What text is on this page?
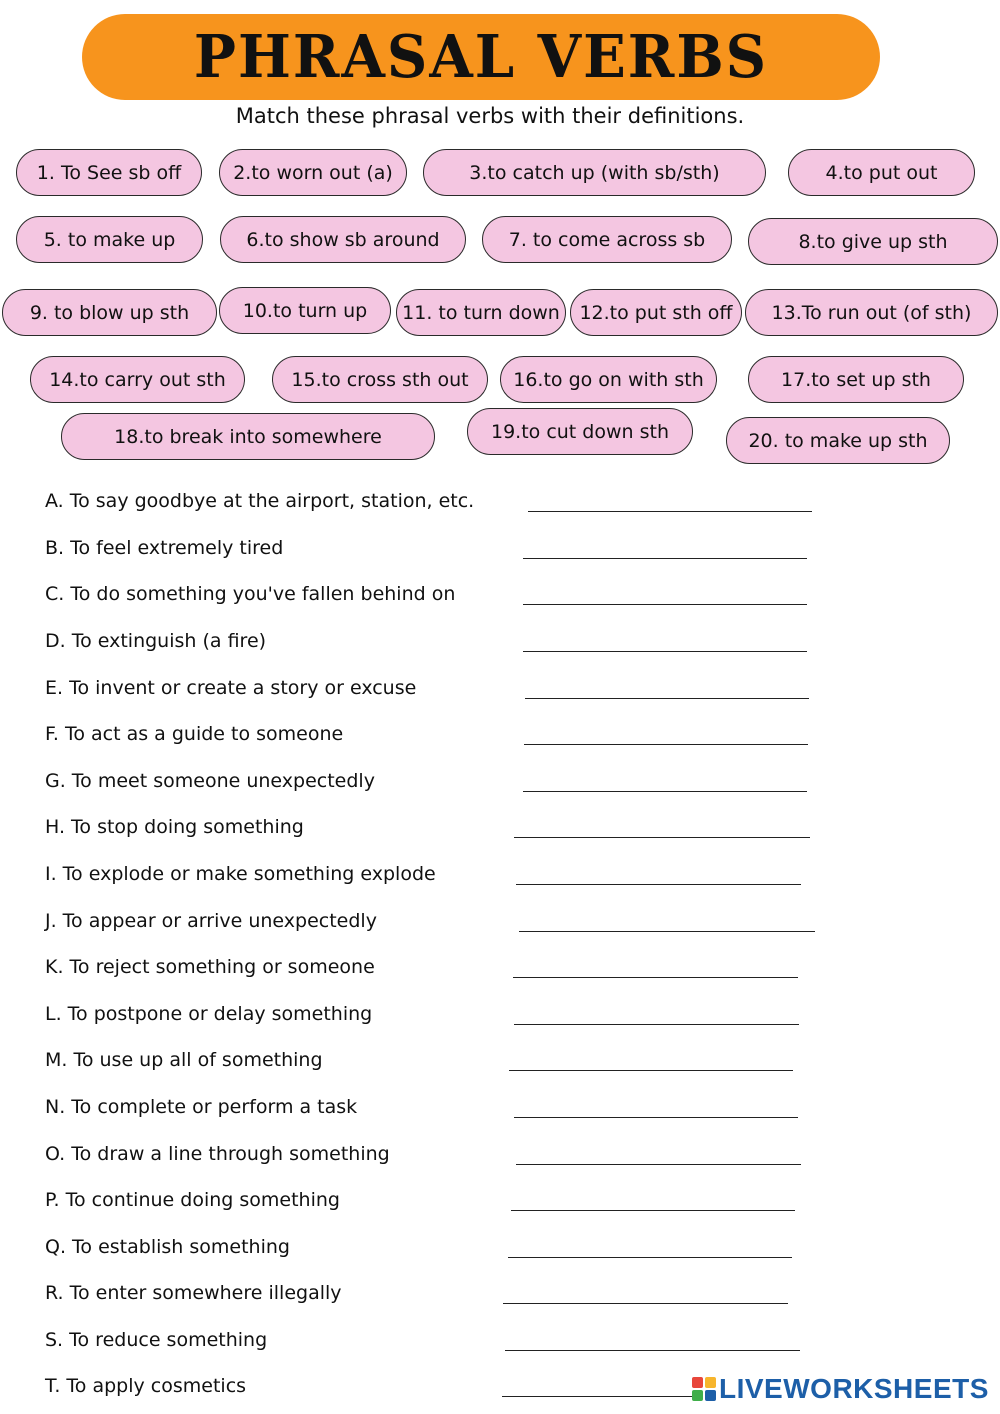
PHRASAL VERBS
Match these phrasal verbs with their definitions.
1. To See sb off	2.to worn out (a)	3.to catch up (with sb/sth)	4.to put out
5. to make up	6.to show sb around	7. to come across sb	8.to give up sth
9. to blow up sth	10.to turn up	11. to turn down	12.to put sth off	13.To run out (of sth)
14.to carry out sth	15.to cross sth out	16.to go on with sth	17.to set up sth
18.to break into somewhere	19.to cut down sth	20. to make up sth
A. To say goodbye at the airport, station, etc.
B. To feel extremely tired
C. To do something you've fallen behind on
D. To extinguish (a fire)
E. To invent or create a story or excuse
F. To act as a guide to someone
G. To meet someone unexpectedly
H. To stop doing something
I. To explode or make something explode
J. To appear or arrive unexpectedly
K. To reject something or someone
L. To postpone or delay something
M. To use up all of something
N. To complete or perform a task
O. To draw a line through something
P. To continue doing something
Q. To establish something
R. To enter somewhere illegally
S. To reduce something
T. To apply cosmetics	LIVEWORKSHEETS
